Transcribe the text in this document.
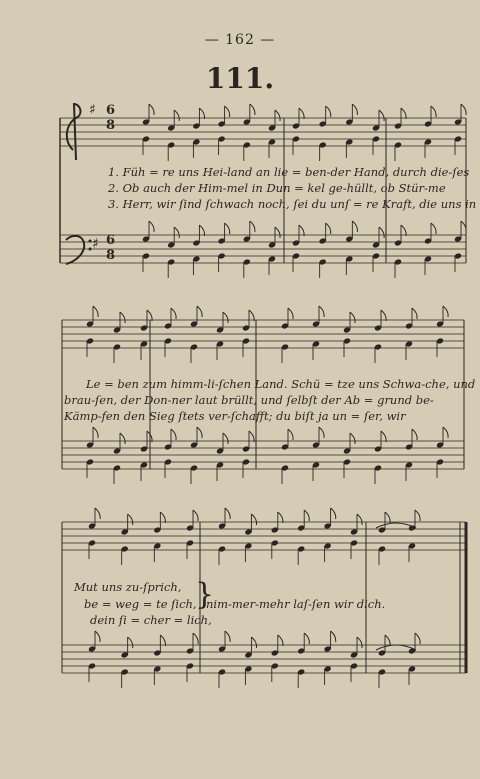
— 162 —
111.
♯
♯
6
8
6
8
1. Füh = re uns Hei-land an lie = ben-der Hand, durch die-ſes
2. Ob auch der Him-mel in Dun = kel ge-hüllt, ob Stür-me
3. Herr, wir ſind ſchwach noch, ſei du unſ = re Kraft, die uns in
Le = ben zum himm-li-ſchen Land. Schü = tze uns Schwa-che, und
brau-ſen, der Don-ner laut brüllt, und ſelbſt der Ab = grund be-
Kämp-fen den Sieg ſtets ver-ſchafft; du biſt ja un = ſer, wir
Mut uns zu-ſprich,
be = weg = te ſich,
dein ſi = cher = lich,
}
nim-mer-mehr laſ-ſen wir dich.
